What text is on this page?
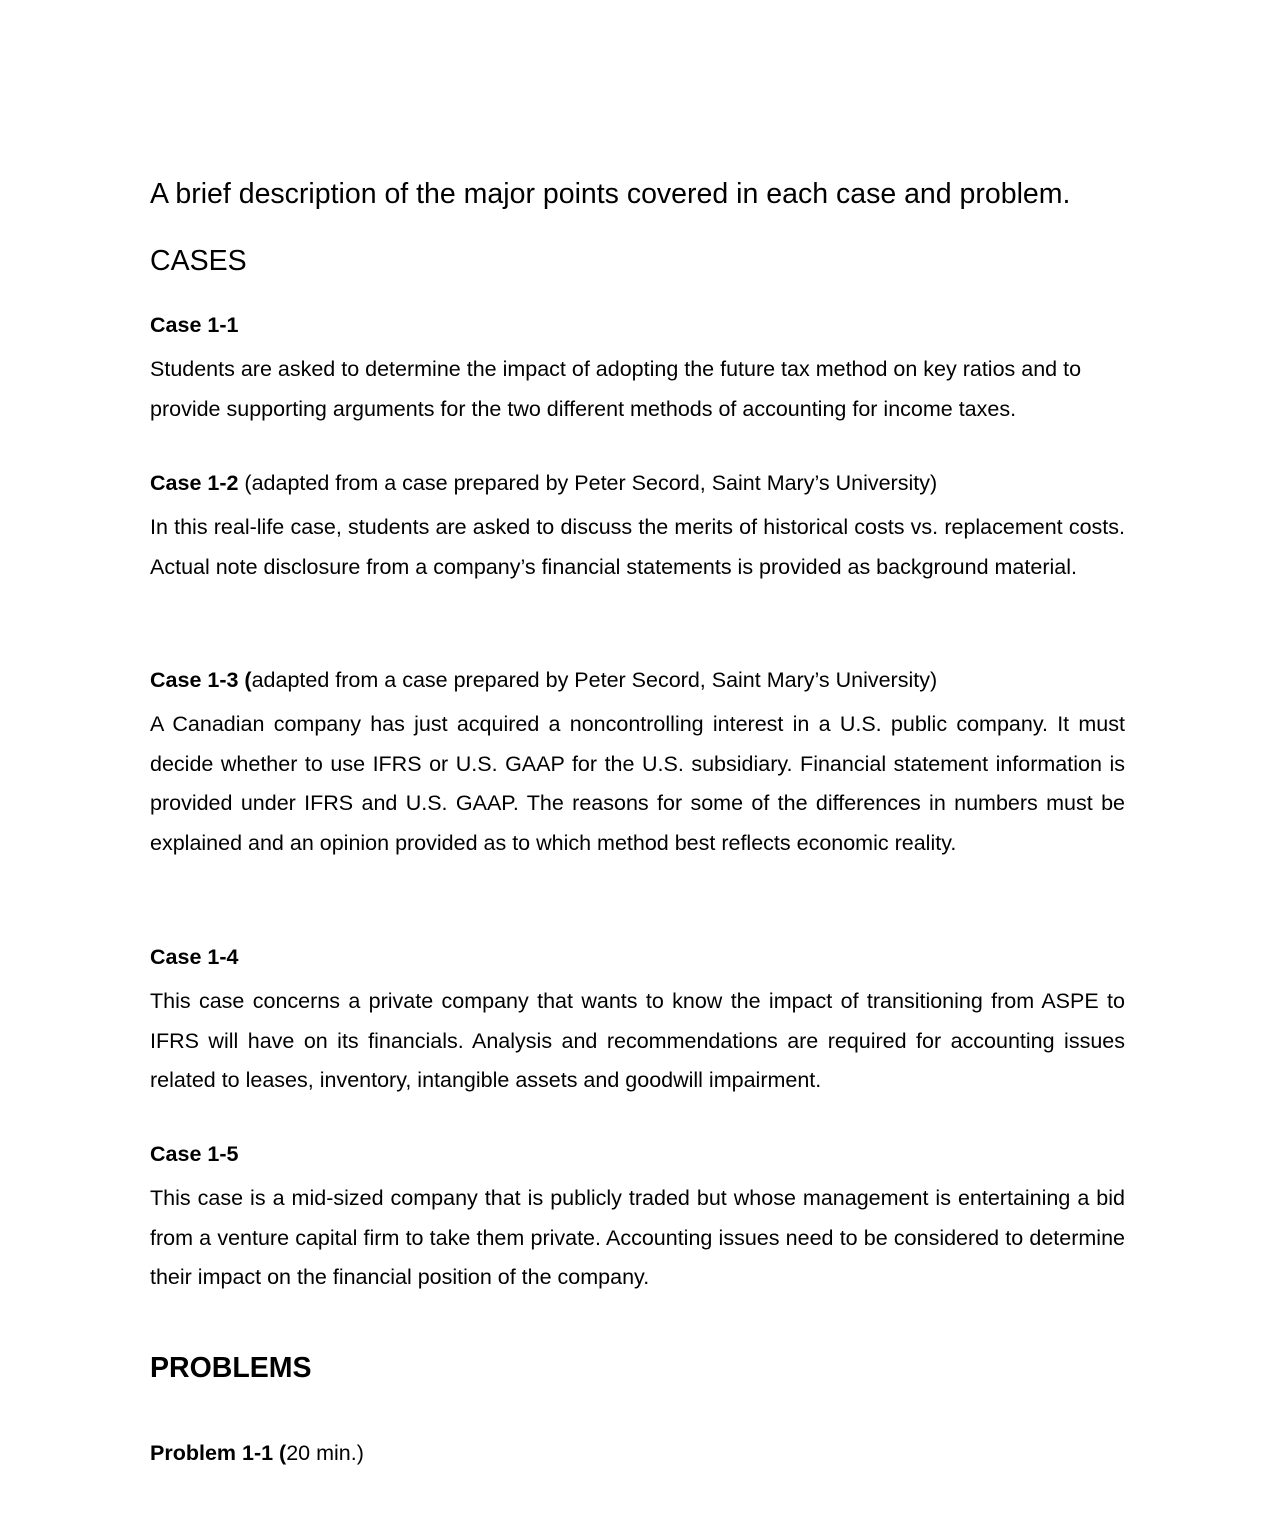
A brief description of the major points covered in each case and problem.
CASES
Case 1-1
Students are asked to determine the impact of adopting the future tax method on key ratios and to provide supporting arguments for the two different methods of accounting for income taxes.
Case 1-2 (adapted from a case prepared by Peter Secord, Saint Mary’s University)
In this real-life case, students are asked to discuss the merits of historical costs vs. replacement costs. Actual note disclosure from a company’s financial statements is provided as background material.
Case 1-3 (adapted from a case prepared by Peter Secord, Saint Mary’s University)
A Canadian company has just acquired a noncontrolling interest in a U.S. public company. It must decide whether to use IFRS or U.S. GAAP for the U.S. subsidiary. Financial statement information is provided under IFRS and U.S. GAAP. The reasons for some of the differences in numbers must be explained and an opinion provided as to which method best reflects economic reality.
Case 1-4
This case concerns a private company that wants to know the impact of transitioning from ASPE to IFRS will have on its financials. Analysis and recommendations are required for accounting issues related to leases, inventory, intangible assets and goodwill impairment.
Case 1-5
This case is a mid-sized company that is publicly traded but whose management is entertaining a bid from a venture capital firm to take them private. Accounting issues need to be considered to determine their impact on the financial position of the company.
PROBLEMS
Problem 1-1 (20 min.)
